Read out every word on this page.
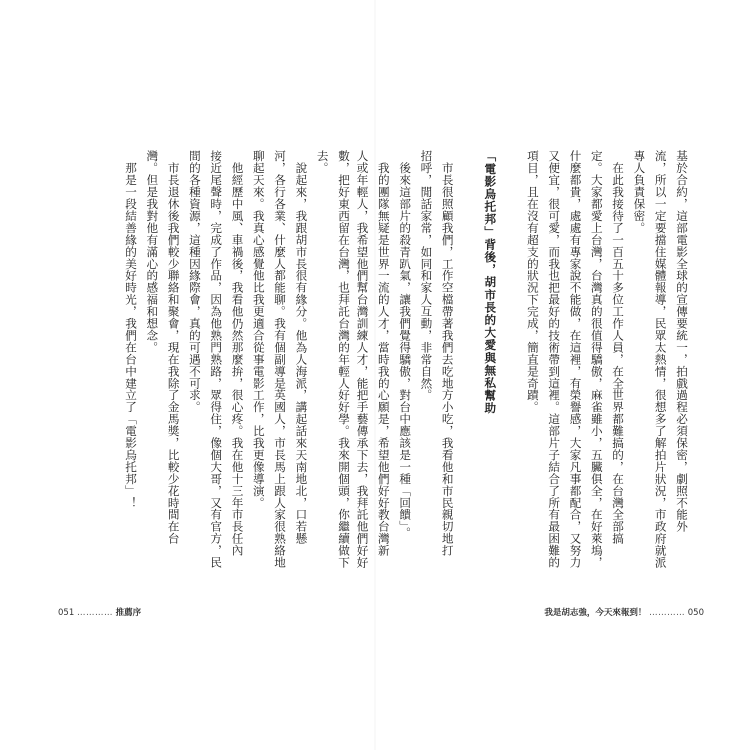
基於合約，這部電影全球的宣傳要統一，拍戲過程必須保密，劇照不能外
流，所以一定要擋住媒體報導，民眾太熱情，很想多了解拍片狀況，市政府就派
專人負責保密。
　在此我接待了一百五十多位工作人員，在全世界都難搞的，在台灣全部搞
定。大家都愛上台灣，台灣真的很值得驕傲，麻雀雖小，五臟俱全，在好萊塢，
什麼都貴，處處有專家說不能做，在這裡，有榮譽感，大家凡事都配合，又努力
又便宜，很可愛，而我也把最好的技術帶到這裡。這部片子結合了所有最困難的
項目，且在沒有超支的狀況下完成，簡直是奇蹟。

「電影烏托邦」背後，胡市長的大愛與無私幫助

　市長很照顧我們，工作空檔帶著我們去吃地方小吃，我看他和市民親切地打
招呼，閒話家常，如同和家人互動，非常自然。
　後來這部片的殺青趴氣，讓我們覺得驕傲，對台中應該是一種「回饋」。
　我的團隊無疑是世界一流的人才，當時我的心願是，希望他們好好教台灣新
人或年輕人，我希望他們幫台灣訓練人才，能把手藝傳承下去，我拜託他們好好
數，把好東西留在台灣，也拜託台灣的年輕人好好學。我來開個頭，你繼續做下
去。
　說起來，我跟胡市長很有緣分。他為人海派，講起話來天南地北，口若懸
河，各行各業、什麼人都能聊。我有個副導是英國人，市長馬上跟人家很熟絡地
聊起天來。我真心感覺他比我更適合從事電影工作，比我更像導演。
　他經歷中風、車禍後，我看他仍然那麼拚，很心疼。我在他十三年市長任內
接近尾聲時，完成了作品，因為他熟門熟路，眾得住，像個大哥，又有官方，民
間的各種資源，這種因緣際會，真的可遇不可求。
　市長退休後我們較少聯絡和聚會，現在我除了金馬獎，比較少花時間在台
灣。但是我對他有滿心的感福和想念。
　那是一段結善緣的美好時光，我們在台中建立了「電影烏托邦」！
051 ………… 推薦序	我是胡志強，今天來報到！ ………… 050
